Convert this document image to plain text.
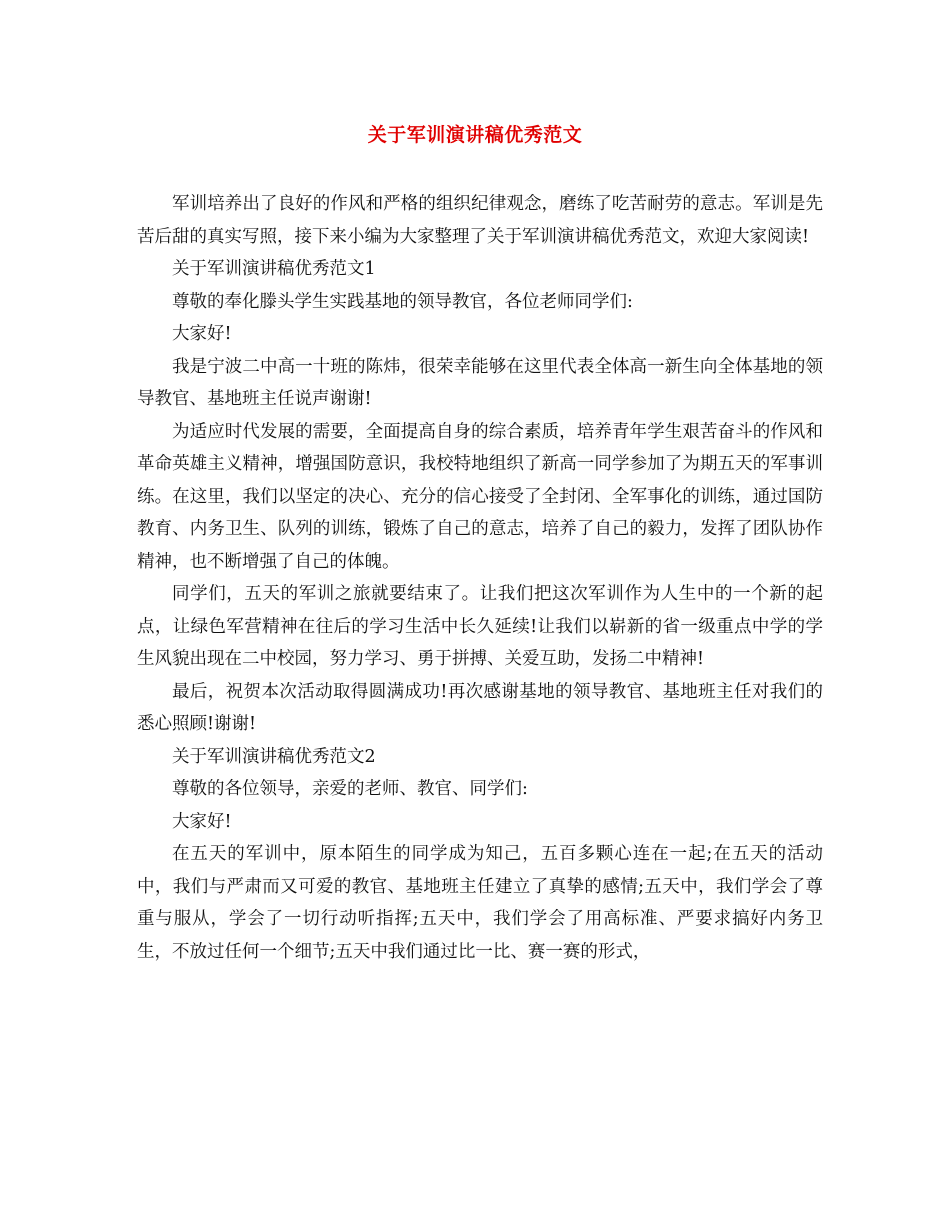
关于军训演讲稿优秀范文

军训培养出了良好的作风和严格的组织纪律观念，磨练了吃苦耐劳的意志。军训是先苦后甜的真实写照，接下来小编为大家整理了关于军训演讲稿优秀范文，欢迎大家阅读!

关于军训演讲稿优秀范文1

尊敬的奉化滕头学生实践基地的领导教官，各位老师同学们:

大家好!

我是宁波二中高一十班的陈炜，很荣幸能够在这里代表全体高一新生向全体基地的领导教官、基地班主任说声谢谢!

为适应时代发展的需要，全面提高自身的综合素质，培养青年学生艰苦奋斗的作风和革命英雄主义精神，增强国防意识，我校特地组织了新高一同学参加了为期五天的军事训练。在这里，我们以坚定的决心、充分的信心接受了全封闭、全军事化的训练，通过国防教育、内务卫生、队列的训练，锻炼了自己的意志，培养了自己的毅力，发挥了团队协作精神，也不断增强了自己的体魄。

同学们，五天的军训之旅就要结束了。让我们把这次军训作为人生中的一个新的起点，让绿色军营精神在往后的学习生活中长久延续!让我们以崭新的省一级重点中学的学生风貌出现在二中校园，努力学习、勇于拼搏、关爱互助，发扬二中精神!

最后，祝贺本次活动取得圆满成功!再次感谢基地的领导教官、基地班主任对我们的悉心照顾!谢谢!

关于军训演讲稿优秀范文2

尊敬的各位领导，亲爱的老师、教官、同学们:

大家好!

在五天的军训中，原本陌生的同学成为知己，五百多颗心连在一起;在五天的活动中，我们与严肃而又可爱的教官、基地班主任建立了真挚的感情;五天中，我们学会了尊重与服从，学会了一切行动听指挥;五天中，我们学会了用高标准、严要求搞好内务卫生，不放过任何一个细节;五天中我们通过比一比、赛一赛的形式，
